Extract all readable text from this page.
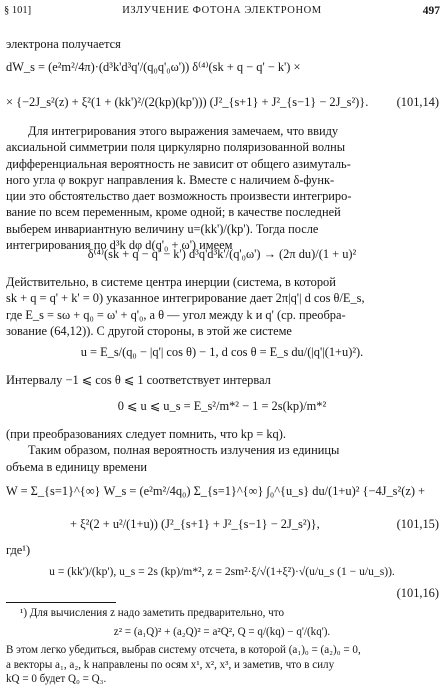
§ 101]	ИЗЛУЧЕНИЕ ФОТОНА ЭЛЕКТРОНОМ	497
электрона получается
dW_s = (e²m²/4π)·(d³k'd³q'/(q₀q'₀ω')) δ⁽⁴⁾(sk + q − q' − k') ×
× {−2J_s²(z) + ξ²(1 + (kk')²/(2(kp)(kp'))) (J²_{s+1} + J²_{s−1} − 2J_s²)}. (101,14)
Для интегрирования этого выражения замечаем, что ввиду
аксиальной симметрии поля циркулярно поляризованной волны
дифференциальная вероятность не зависит от общего азимуталь-
ного угла φ вокруг направления k. Вместе с наличием δ-функ-
ции это обстоятельство дает возможность произвести интегриро-
вание по всем переменным, кроме одной; в качестве последней
выберем инвариантную величину u=(kk')/(kp'). Тогда после
интегрирования по d³k dφ d(q'₀ + ω') имеем
δ⁽⁴⁾(sk + q − q' − k') d³q'd³k'/(q'₀ω') → (2π du)/(1 + u)²
Действительно, в системе центра инерции (система, в которой
sk + q = q' + k' = 0) указанное интегрирование дает 2π|q'| d cos θ/E_s,
где E_s = sω + q₀ = ω' + q'₀, а θ — угол между k и q' (ср. преобра-
зование (64,12)). С другой стороны, в этой же системе
u = E_s/(q₀ − |q'| cos θ) − 1, d cos θ = E_s du/(|q'|(1+u)²).
Интервалу −1 ⩽ cos θ ⩽ 1 соответствует интервал
0 ⩽ u ⩽ u_s = E_s²/m*² − 1 = 2s(kp)/m*²
(при преобразованиях следует помнить, что kp = kq).
Таким образом, полная вероятность излучения из единицы
объема в единицу времени
W = Σ_{s=1}^{∞} W_s = (e²m²/4q₀) Σ_{s=1}^{∞} ∫₀^{u_s} du/(1+u)² {−4J_s²(z) +
+ ξ²(2 + u²/(1+u)) (J²_{s+1} + J²_{s−1} − 2J_s²)},	(101,15)
где¹)
u = (kk')/(kp'), u_s = 2s (kp)/m*², z = 2sm²·ξ/√(1+ξ²)·√(u/u_s (1 − u/u_s)).
(101,16)
¹) Для вычисления z надо заметить предварительно, что
z² = (a₁Q)² + (a₂Q)² = a²Q², Q = q/(kq) − q'/(kq').
В этом легко убедиться, выбрав систему отсчета, в которой (a₁)₀ = (a₂)₀ = 0,
а векторы a₁, a₂, k направлены по осям x¹, x², x³, и заметив, что в силу
kQ = 0 будет Q₀ = Q₃.
